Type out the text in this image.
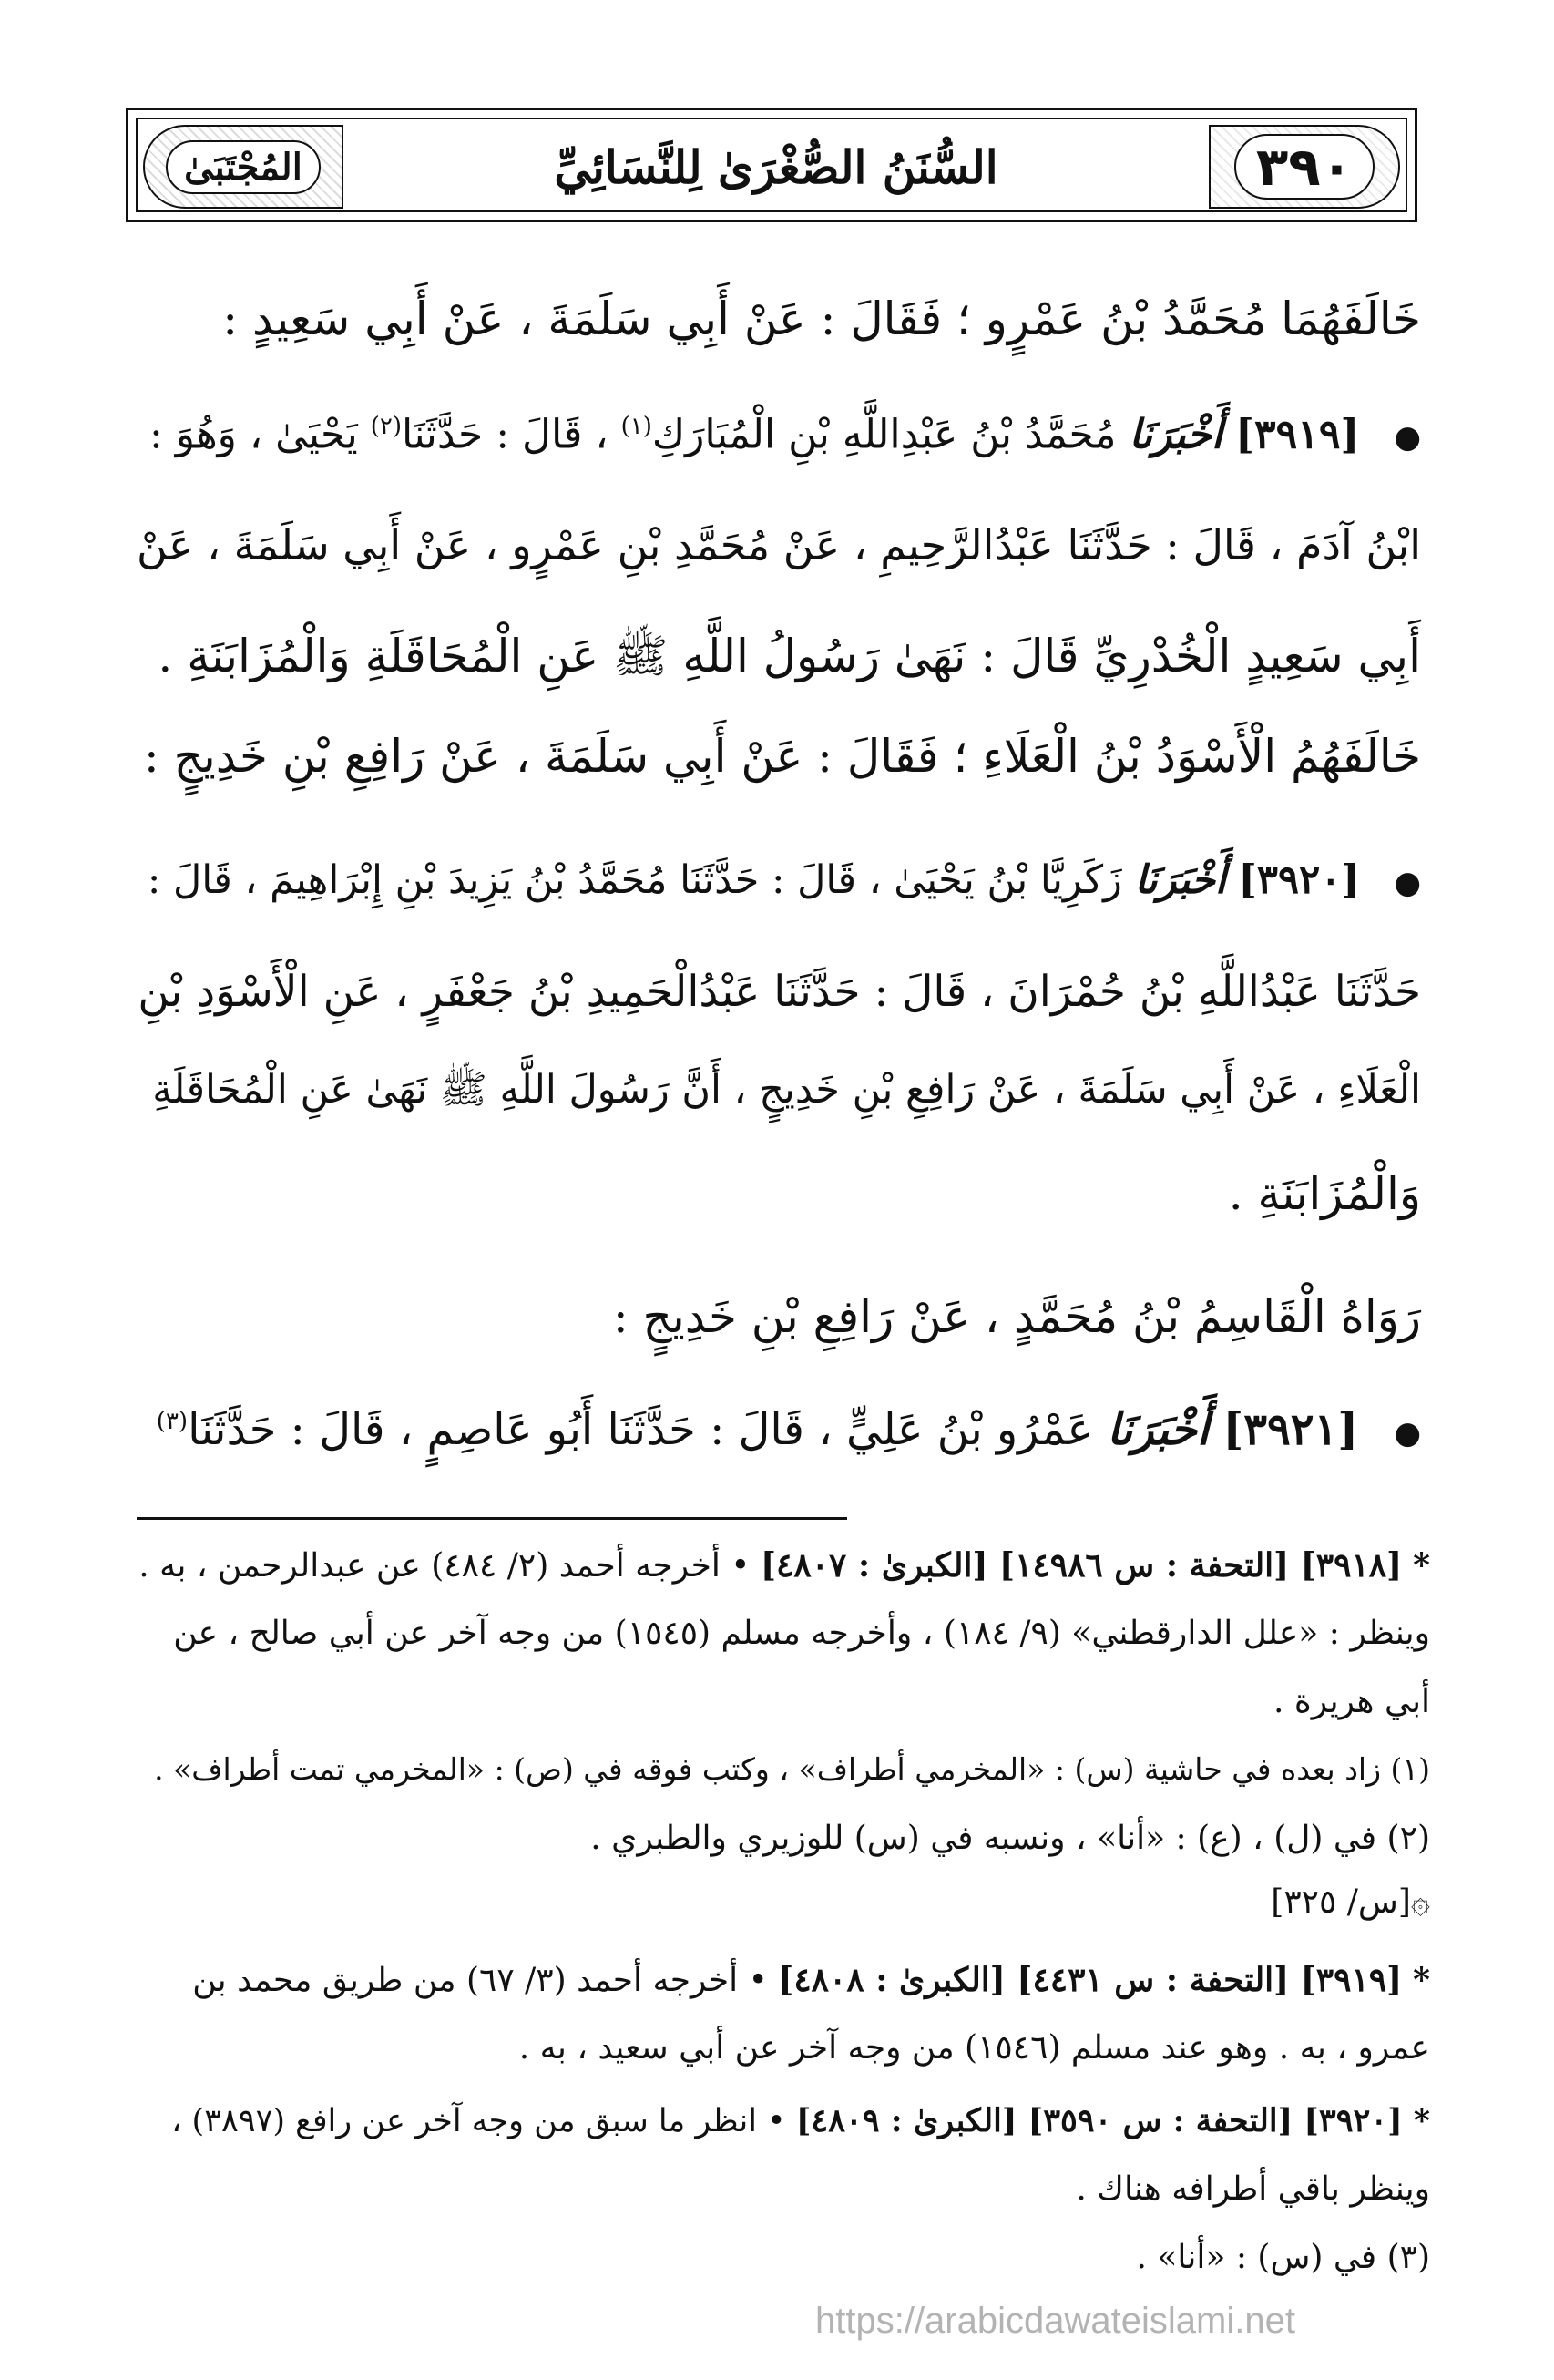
٣٩٠
السُّنَنُ الصُّغْرَىٰ لِلنَّسَائِيِّ
المُجْتَبَىٰ
خَالَفَهُمَا مُحَمَّدُ بْنُ عَمْرٍو ؛ فَقَالَ : عَنْ أَبِي سَلَمَةَ ، عَنْ أَبِي سَعِيدٍ :
● [٣٩١٩] أَخْبَرَنَا مُحَمَّدُ بْنُ عَبْدِاللَّهِ بْنِ الْمُبَارَكِ$^{(١)}$ ، قَالَ : حَدَّثَنَا$^{(٢)}$ يَحْيَىٰ ، وَهُوَ :
ابْنُ آدَمَ ، قَالَ : حَدَّثَنَا عَبْدُالرَّحِيمِ ، عَنْ مُحَمَّدِ بْنِ عَمْرٍو ، عَنْ أَبِي سَلَمَةَ ، عَنْ
أَبِي سَعِيدٍ الْخُدْرِيِّ قَالَ : نَهَىٰ رَسُولُ اللَّهِ ﷺ عَنِ الْمُحَاقَلَةِ وَالْمُزَابَنَةِ .
خَالَفَهُمُ الْأَسْوَدُ بْنُ الْعَلَاءِ ؛ فَقَالَ : عَنْ أَبِي سَلَمَةَ ، عَنْ رَافِعِ بْنِ خَدِيجٍ :
● [٣٩٢٠] أَخْبَرَنَا زَكَرِيَّا بْنُ يَحْيَىٰ ، قَالَ : حَدَّثَنَا مُحَمَّدُ بْنُ يَزِيدَ بْنِ إِبْرَاهِيمَ ، قَالَ :
حَدَّثَنَا عَبْدُاللَّهِ بْنُ حُمْرَانَ ، قَالَ : حَدَّثَنَا عَبْدُالْحَمِيدِ بْنُ جَعْفَرٍ ، عَنِ الْأَسْوَدِ بْنِ
الْعَلَاءِ ، عَنْ أَبِي سَلَمَةَ ، عَنْ رَافِعِ بْنِ خَدِيجٍ ، أَنَّ رَسُولَ اللَّهِ ﷺ نَهَىٰ عَنِ الْمُحَاقَلَةِ
وَالْمُزَابَنَةِ .
رَوَاهُ الْقَاسِمُ بْنُ مُحَمَّدٍ ، عَنْ رَافِعِ بْنِ خَدِيجٍ :
● [٣٩٢١] أَخْبَرَنَا عَمْرُو بْنُ عَلِيٍّ ، قَالَ : حَدَّثَنَا أَبُو عَاصِمٍ ، قَالَ : حَدَّثَنَا$^{(٣)}$
*[٣٩١٨] [التحفة : س ١٤٩٨٦] [الكبرىٰ : ٤٨٠٧] • أخرجه أحمد (٢/ ٤٨٤) عن عبدالرحمن ، به .
وينظر : «علل الدارقطني» (٩/ ١٨٤) ، وأخرجه مسلم (١٥٤٥) من وجه آخر عن أبي صالح ، عن
أبي هريرة .
(١) زاد بعده في حاشية (س) : «المخرمي أطراف» ، وكتب فوقه في (ص) : «المخرمي تمت أطراف» .
(٢) في (ل) ، (ع) : «أنا» ، ونسبه في (س) للوزيري والطبري .
۞[س/ ٣٢٥]
*[٣٩١٩] [التحفة : س ٤٤٣١] [الكبرىٰ : ٤٨٠٨] • أخرجه أحمد (٣/ ٦٧) من طريق محمد بن
عمرو ، به . وهو عند مسلم (١٥٤٦) من وجه آخر عن أبي سعيد ، به .
*[٣٩٢٠] [التحفة : س ٣٥٩٠] [الكبرىٰ : ٤٨٠٩] • انظر ما سبق من وجه آخر عن رافع (٣٨٩٧) ،
وينظر باقي أطرافه هناك .
(٣) في (س) : «أنا» .
https://arabicdawateislami.net
